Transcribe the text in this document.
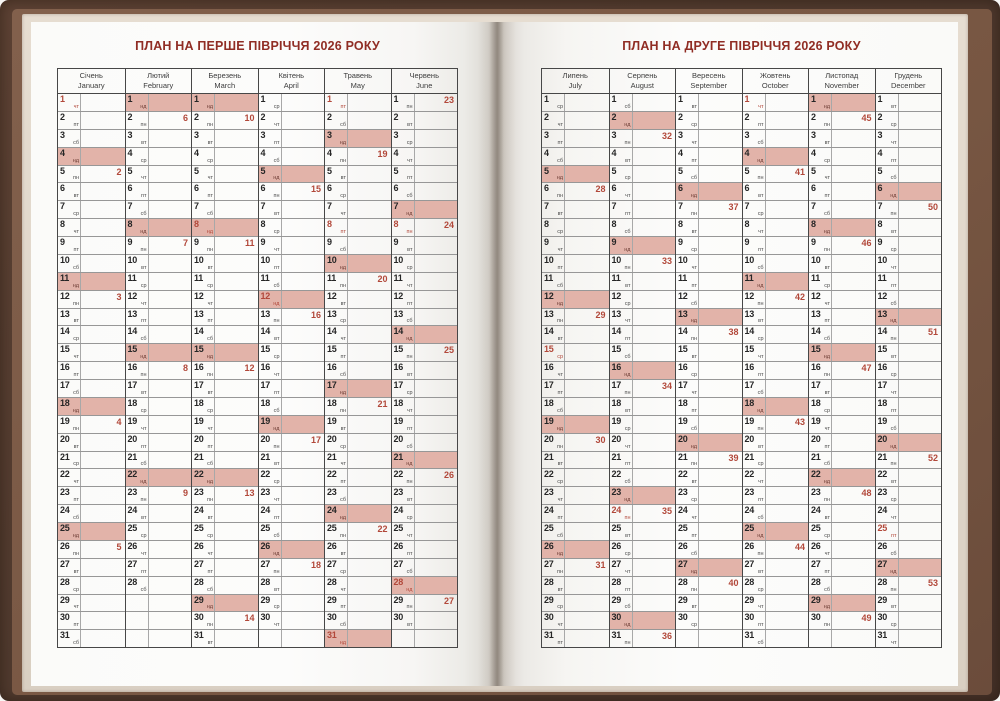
ПЛАН НА ПЕРШЕ ПІВРІЧЧЯ 2026 РОКУ
Січень
January
1
чт
2
пт
3
сб
4
нд
5
пн
2
6
вт
7
ср
8
чт
9
пт
10
сб
11
нд
12
пн
3
13
вт
14
ср
15
чт
16
пт
17
сб
18
нд
19
пн
4
20
вт
21
ср
22
чт
23
пт
24
сб
25
нд
26
пн
5
27
вт
28
ср
29
чт
30
пт
31
сб
Лютий
February
1
нд
2
пн
6
3
вт
4
ср
5
чт
6
пт
7
сб
8
нд
9
пн
7
10
вт
11
ср
12
чт
13
пт
14
сб
15
нд
16
пн
8
17
вт
18
ср
19
чт
20
пт
21
сб
22
нд
23
пн
9
24
вт
25
ср
26
чт
27
пт
28
сб
Березень
March
1
нд
2
пн
10
3
вт
4
ср
5
чт
6
пт
7
сб
8
нд
9
пн
11
10
вт
11
ср
12
чт
13
пт
14
сб
15
нд
16
пн
12
17
вт
18
ср
19
чт
20
пт
21
сб
22
нд
23
пн
13
24
вт
25
ср
26
чт
27
пт
28
сб
29
нд
30
пн
14
31
вт
Квітень
April
1
ср
2
чт
3
пт
4
сб
5
нд
6
пн
15
7
вт
8
ср
9
чт
10
пт
11
сб
12
нд
13
пн
16
14
вт
15
ср
16
чт
17
пт
18
сб
19
нд
20
пн
17
21
вт
22
ср
23
чт
24
пт
25
сб
26
нд
27
пн
18
28
вт
29
ср
30
чт
Травень
May
1
пт
2
сб
3
нд
4
пн
19
5
вт
6
ср
7
чт
8
пт
9
сб
10
нд
11
пн
20
12
вт
13
ср
14
чт
15
пт
16
сб
17
нд
18
пн
21
19
вт
20
ср
21
чт
22
пт
23
сб
24
нд
25
пн
22
26
вт
27
ср
28
чт
29
пт
30
сб
31
нд
Червень
June
1
пн
23
2
вт
3
ср
4
чт
5
пт
6
сб
7
нд
8
пн
24
9
вт
10
ср
11
чт
12
пт
13
сб
14
нд
15
пн
25
16
вт
17
ср
18
чт
19
пт
20
сб
21
нд
22
пн
26
23
вт
24
ср
25
чт
26
пт
27
сб
28
нд
29
пн
27
30
вт
ПЛАН НА ДРУГЕ ПІВРІЧЧЯ 2026 РОКУ
Липень
July
1
ср
2
чт
3
пт
4
сб
5
нд
6
пн
28
7
вт
8
ср
9
чт
10
пт
11
сб
12
нд
13
пн
29
14
вт
15
ср
16
чт
17
пт
18
сб
19
нд
20
пн
30
21
вт
22
ср
23
чт
24
пт
25
сб
26
нд
27
пн
31
28
вт
29
ср
30
чт
31
пт
Серпень
August
1
сб
2
нд
3
пн
32
4
вт
5
ср
6
чт
7
пт
8
сб
9
нд
10
пн
33
11
вт
12
ср
13
чт
14
пт
15
сб
16
нд
17
пн
34
18
вт
19
ср
20
чт
21
пт
22
сб
23
нд
24
пн
35
25
вт
26
ср
27
чт
28
пт
29
сб
30
нд
31
пн
36
Вересень
September
1
вт
2
ср
3
чт
4
пт
5
сб
6
нд
7
пн
37
8
вт
9
ср
10
чт
11
пт
12
сб
13
нд
14
пн
38
15
вт
16
ср
17
чт
18
пт
19
сб
20
нд
21
пн
39
22
вт
23
ср
24
чт
25
пт
26
сб
27
нд
28
пн
40
29
вт
30
ср
Жовтень
October
1
чт
2
пт
3
сб
4
нд
5
пн
41
6
вт
7
ср
8
чт
9
пт
10
сб
11
нд
12
пн
42
13
вт
14
ср
15
чт
16
пт
17
сб
18
нд
19
пн
43
20
вт
21
ср
22
чт
23
пт
24
сб
25
нд
26
пн
44
27
вт
28
ср
29
чт
30
пт
31
сб
Листопад
November
1
нд
2
пн
45
3
вт
4
ср
5
чт
6
пт
7
сб
8
нд
9
пн
46
10
вт
11
ср
12
чт
13
пт
14
сб
15
нд
16
пн
47
17
вт
18
ср
19
чт
20
пт
21
сб
22
нд
23
пн
48
24
вт
25
ср
26
чт
27
пт
28
сб
29
нд
30
пн
49
Грудень
December
1
вт
2
ср
3
чт
4
пт
5
сб
6
нд
7
пн
50
8
вт
9
ср
10
чт
11
пт
12
сб
13
нд
14
пн
51
15
вт
16
ср
17
чт
18
пт
19
сб
20
нд
21
пн
52
22
вт
23
ср
24
чт
25
пт
26
сб
27
нд
28
пн
53
29
вт
30
ср
31
чт
